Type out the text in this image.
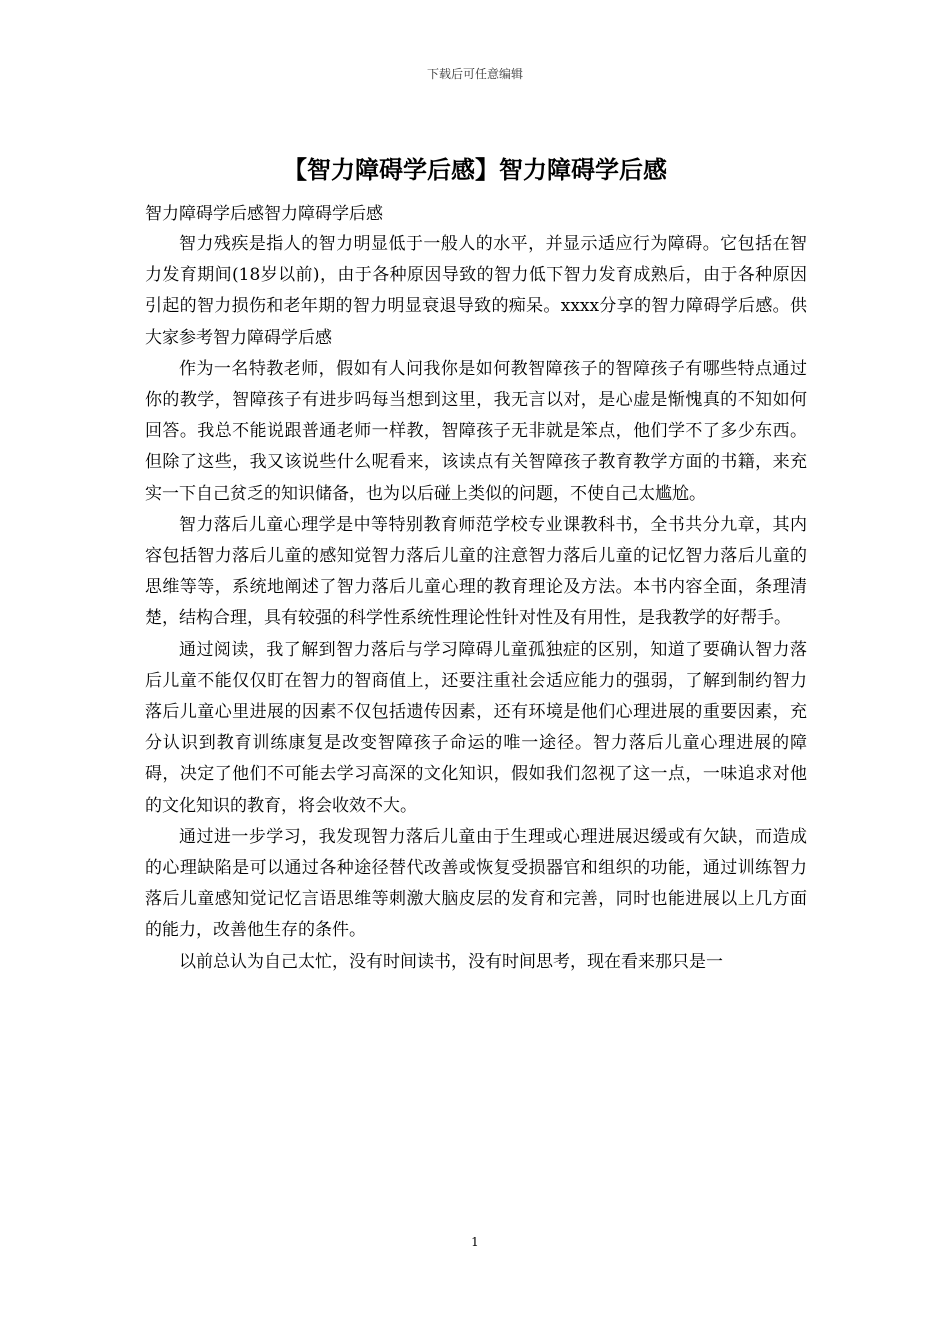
下载后可任意编辑
【智力障碍学后感】智力障碍学后感

智力障碍学后感智力障碍学后感

智力残疾是指人的智力明显低于一般人的水平，并显示适应行为障碍。它包括在智力发育期间(18岁以前)，由于各种原因导致的智力低下智力发育成熟后，由于各种原因引起的智力损伤和老年期的智力明显衰退导致的痴呆。xxxx分享的智力障碍学后感。供大家参考智力障碍学后感

作为一名特教老师，假如有人问我你是如何教智障孩子的智障孩子有哪些特点通过你的教学，智障孩子有进步吗每当想到这里，我无言以对，是心虚是惭愧真的不知如何回答。我总不能说跟普通老师一样教，智障孩子无非就是笨点，他们学不了多少东西。但除了这些，我又该说些什么呢看来，该读点有关智障孩子教育教学方面的书籍，来充实一下自己贫乏的知识储备，也为以后碰上类似的问题，不使自己太尴尬。

智力落后儿童心理学是中等特别教育师范学校专业课教科书，全书共分九章，其内容包括智力落后儿童的感知觉智力落后儿童的注意智力落后儿童的记忆智力落后儿童的思维等等，系统地阐述了智力落后儿童心理的教育理论及方法。本书内容全面，条理清楚，结构合理，具有较强的科学性系统性理论性针对性及有用性，是我教学的好帮手。

通过阅读，我了解到智力落后与学习障碍儿童孤独症的区别，知道了要确认智力落后儿童不能仅仅盯在智力的智商值上，还要注重社会适应能力的强弱，了解到制约智力落后儿童心里进展的因素不仅包括遗传因素，还有环境是他们心理进展的重要因素，充分认识到教育训练康复是改变智障孩子命运的唯一途径。智力落后儿童心理进展的障碍，决定了他们不可能去学习高深的文化知识，假如我们忽视了这一点，一味追求对他的文化知识的教育，将会收效不大。

通过进一步学习，我发现智力落后儿童由于生理或心理进展迟缓或有欠缺，而造成的心理缺陷是可以通过各种途径替代改善或恢复受损器官和组织的功能，通过训练智力落后儿童感知觉记忆言语思维等刺激大脑皮层的发育和完善，同时也能进展以上几方面的能力，改善他生存的条件。

以前总认为自己太忙，没有时间读书，没有时间思考，现在看来那只是一

1
